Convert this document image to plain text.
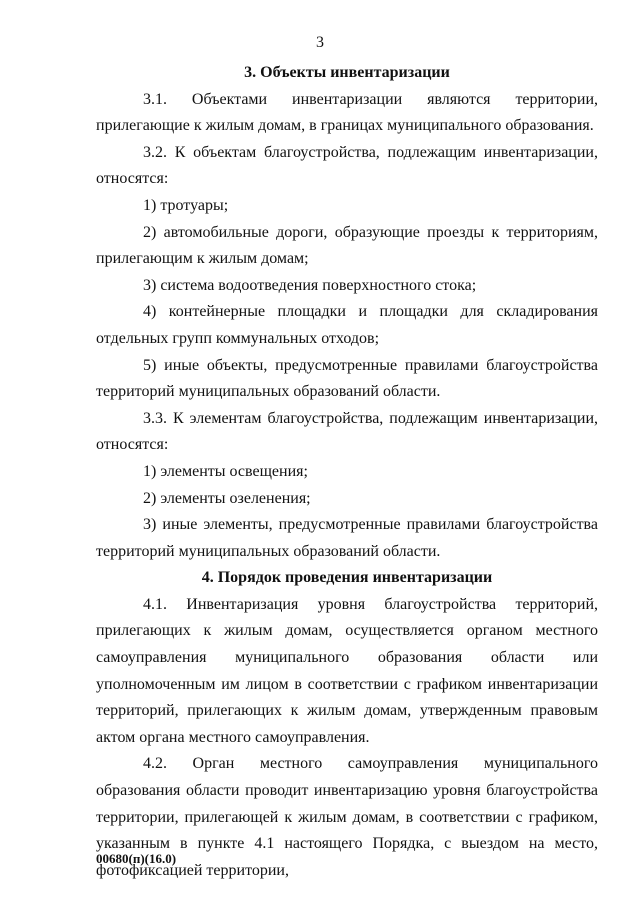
3

3. Объекты инвентаризации

3.1. Объектами инвентаризации являются территории, прилегающие к жилым домам, в границах муниципального образования.

3.2. К объектам благоустройства, подлежащим инвентаризации, относятся:

1) тротуары;

2) автомобильные дороги, образующие проезды к территориям, прилегающим к жилым домам;

3) система водоотведения поверхностного стока;

4) контейнерные площадки и площадки для складирования отдельных групп коммунальных отходов;

5) иные объекты, предусмотренные правилами благоустройства территорий муниципальных образований области.

3.3. К элементам благоустройства, подлежащим инвентаризации, относятся:

1) элементы освещения;

2) элементы озеленения;

3) иные элементы, предусмотренные правилами благоустройства территорий муниципальных образований области.

4. Порядок проведения инвентаризации

4.1. Инвентаризация уровня благоустройства территорий, прилегающих к жилым домам, осуществляется органом местного самоуправления муниципального образования области или уполномоченным им лицом в соответствии с графиком инвентаризации территорий, прилегающих к жилым домам, утвержденным правовым актом органа местного самоуправления.

4.2. Орган местного самоуправления муниципального образования области проводит инвентаризацию уровня благоустройства территории, прилегающей к жилым домам, в соответствии с графиком, указанным в пункте 4.1 настоящего Порядка, с выездом на место, фотофиксацией территории,

00680(п)(16.0)
